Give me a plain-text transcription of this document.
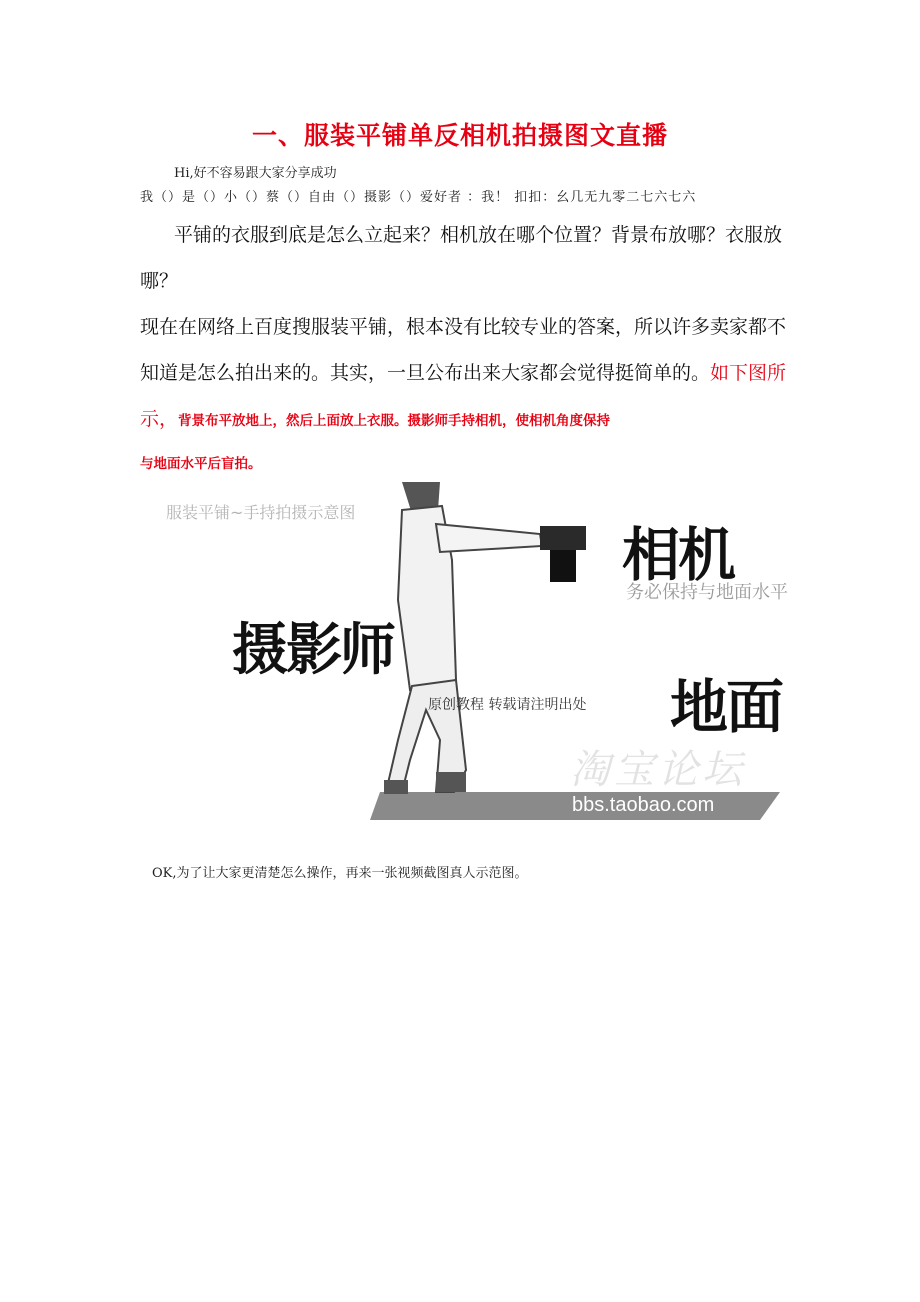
一、服装平铺单反相机拍摄图文直播
Hi,好不容易跟大家分享成功
我（）是（）小（）蔡（）自由（）摄影（）爱好者 ：我！ 扣扣：幺几无九零二七六七六
平铺的衣服到底是怎么立起来？相机放在哪个位置？背景布放哪？衣服放哪？
现在在网络上百度搜服装平铺，根本没有比较专业的答案，所以许多卖家都不知道是怎么拍出来的。其实，一旦公布出来大家都会觉得挺简单的。如下图所示，背景布平放地上，然后上面放上衣服。摄影师手持相机，使相机角度保持
与地面水平后盲拍。
服装平铺~手持拍摄示意图
相机
务必保持与地面水平
摄影师
地面
原创教程 转载请注明出处
淘宝论坛
bbs.taobao.com
OK,为了让大家更清楚怎么操作，再来一张视频截图真人示范图。
